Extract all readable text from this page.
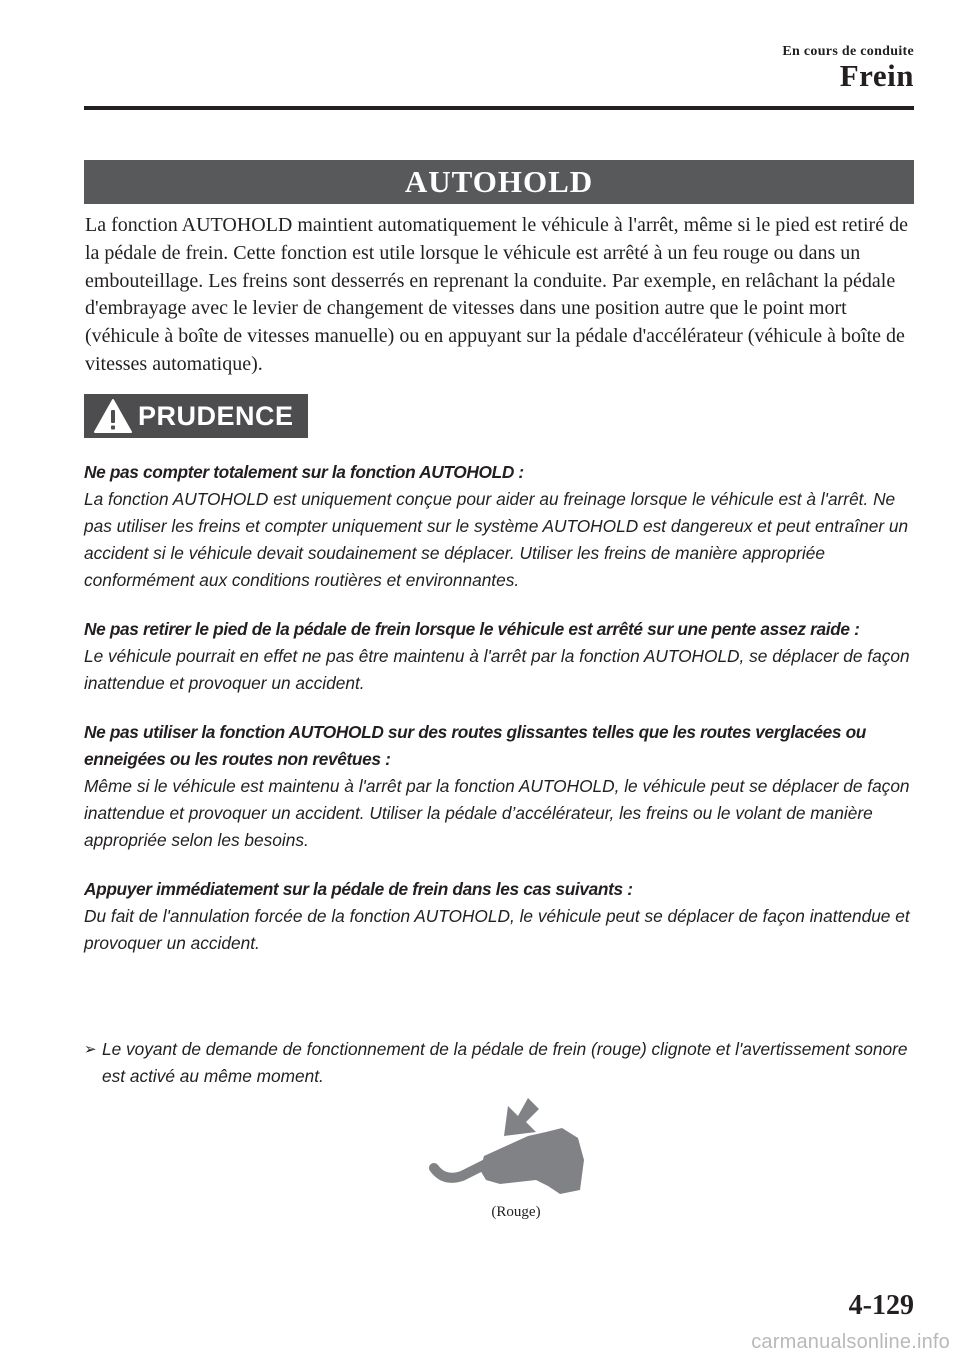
En cours de conduite

Frein
AUTOHOLD

La fonction AUTOHOLD maintient automatiquement le véhicule à l'arrêt, même si le pied est retiré de la pédale de frein. Cette fonction est utile lorsque le véhicule est arrêté à un feu rouge ou dans un embouteillage. Les freins sont desserrés en reprenant la conduite. Par exemple, en relâchant la pédale d'embrayage avec le levier de changement de vitesses dans une position autre que le point mort (véhicule à boîte de vitesses manuelle) ou en appuyant sur la pédale d'accélérateur (véhicule à boîte de vitesses automatique).

PRUDENCE

Ne pas compter totalement sur la fonction AUTOHOLD :

La fonction AUTOHOLD est uniquement conçue pour aider au freinage lorsque le véhicule est à l'arrêt. Ne pas utiliser les freins et compter uniquement sur le système AUTOHOLD est dangereux et peut entraîner un accident si le véhicule devait soudainement se déplacer. Utiliser les freins de manière appropriée conformément aux conditions routières et environnantes.

Ne pas retirer le pied de la pédale de frein lorsque le véhicule est arrêté sur une pente assez raide :

Le véhicule pourrait en effet ne pas être maintenu à l'arrêt par la fonction AUTOHOLD, se déplacer de façon inattendue et provoquer un accident.

Ne pas utiliser la fonction AUTOHOLD sur des routes glissantes telles que les routes verglacées ou enneigées ou les routes non revêtues :

Même si le véhicule est maintenu à l'arrêt par la fonction AUTOHOLD, le véhicule peut se déplacer de façon inattendue et provoquer un accident. Utiliser la pédale d’accélérateur, les freins ou le volant de manière appropriée selon les besoins.

Appuyer immédiatement sur la pédale de frein dans les cas suivants :

Du fait de l'annulation forcée de la fonction AUTOHOLD, le véhicule peut se déplacer de façon inattendue et provoquer un accident.

➢ Le voyant de demande de fonctionnement de la pédale de frein (rouge) clignote et l'avertissement sonore est activé au même moment.

(Rouge)

4-129

carmanualsonline.info
